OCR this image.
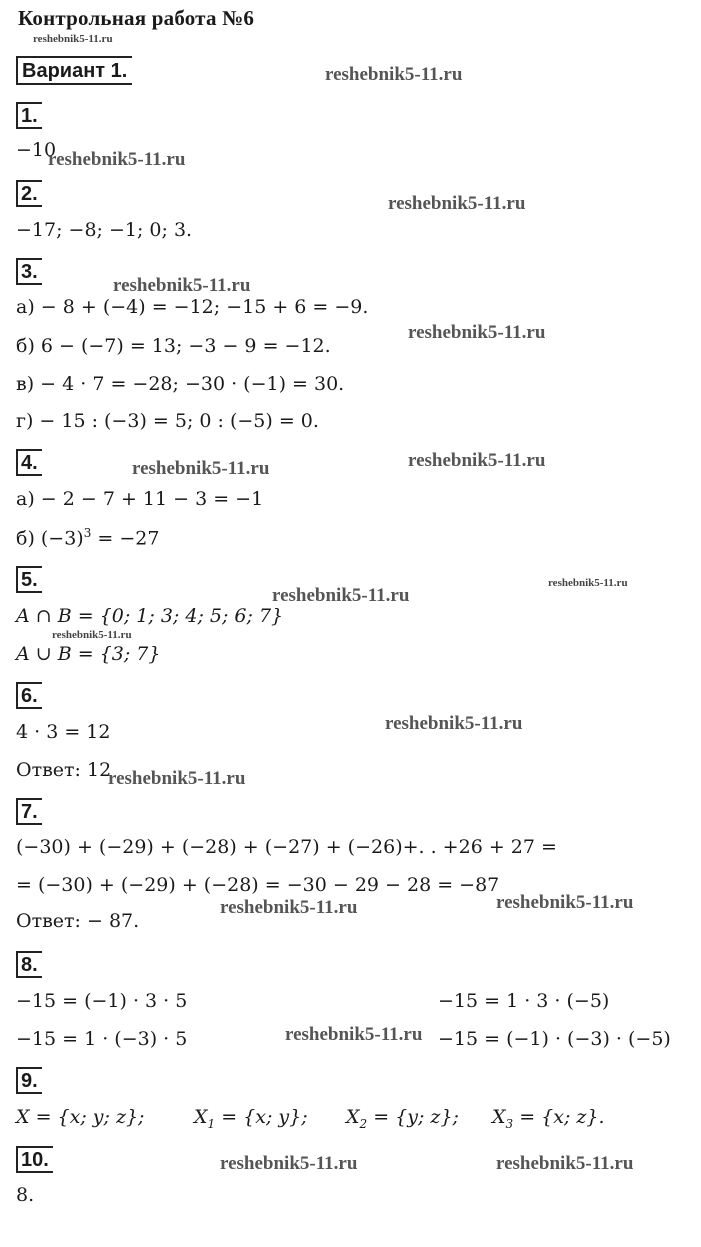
Контрольная работа №6
reshebnik5-11.ru
Вариант 1.	reshebnik5-11.ru
1.
−10
reshebnik5-11.ru
2.	reshebnik5-11.ru
−17; −8; −1; 0; 3.
3.
reshebnik5-11.ru
а) − 8 + (−4) = −12; −15 + 6 = −9.
reshebnik5-11.ru
б) 6 − (−7) = 13; −3 − 9 = −12.
в) − 4 · 7 = −28; −30 · (−1) = 30.
г) − 15 : (−3) = 5; 0 : (−5) = 0.
4.	reshebnik5-11.ru
reshebnik5-11.ru
а) − 2 − 7 + 11 − 3 = −1
б) $(-3)^3 = -27$
5.	reshebnik5-11.ru
reshebnik5-11.ru
A ∩ B = {0; 1; 3; 4; 5; 6; 7}
reshebnik5-11.ru
A ∪ B = {3; 7}
6.
reshebnik5-11.ru
4 · 3 = 12
Ответ: 12
reshebnik5-11.ru
7.
(−30) + (−29) + (−28) + (−27) + (−26)+. . +26 + 27 =
= (−30) + (−29) + (−28) = −30 − 29 − 28 = −87
reshebnik5-11.ru
reshebnik5-11.ru
Ответ: − 87.
8.
−15 = (−1) · 3 · 5	−15 = 1 · 3 · (−5)
−15 = 1 · (−3) · 5	−15 = (−1) · (−3) · (−5)
reshebnik5-11.ru
9.
X = {x; y; z};	$X_1 = \{x$; y}; $X_2 = \{y$; z}; $X_3 = \{x$; z}.
10.	reshebnik5-11.ru	reshebnik5-11.ru
8.
